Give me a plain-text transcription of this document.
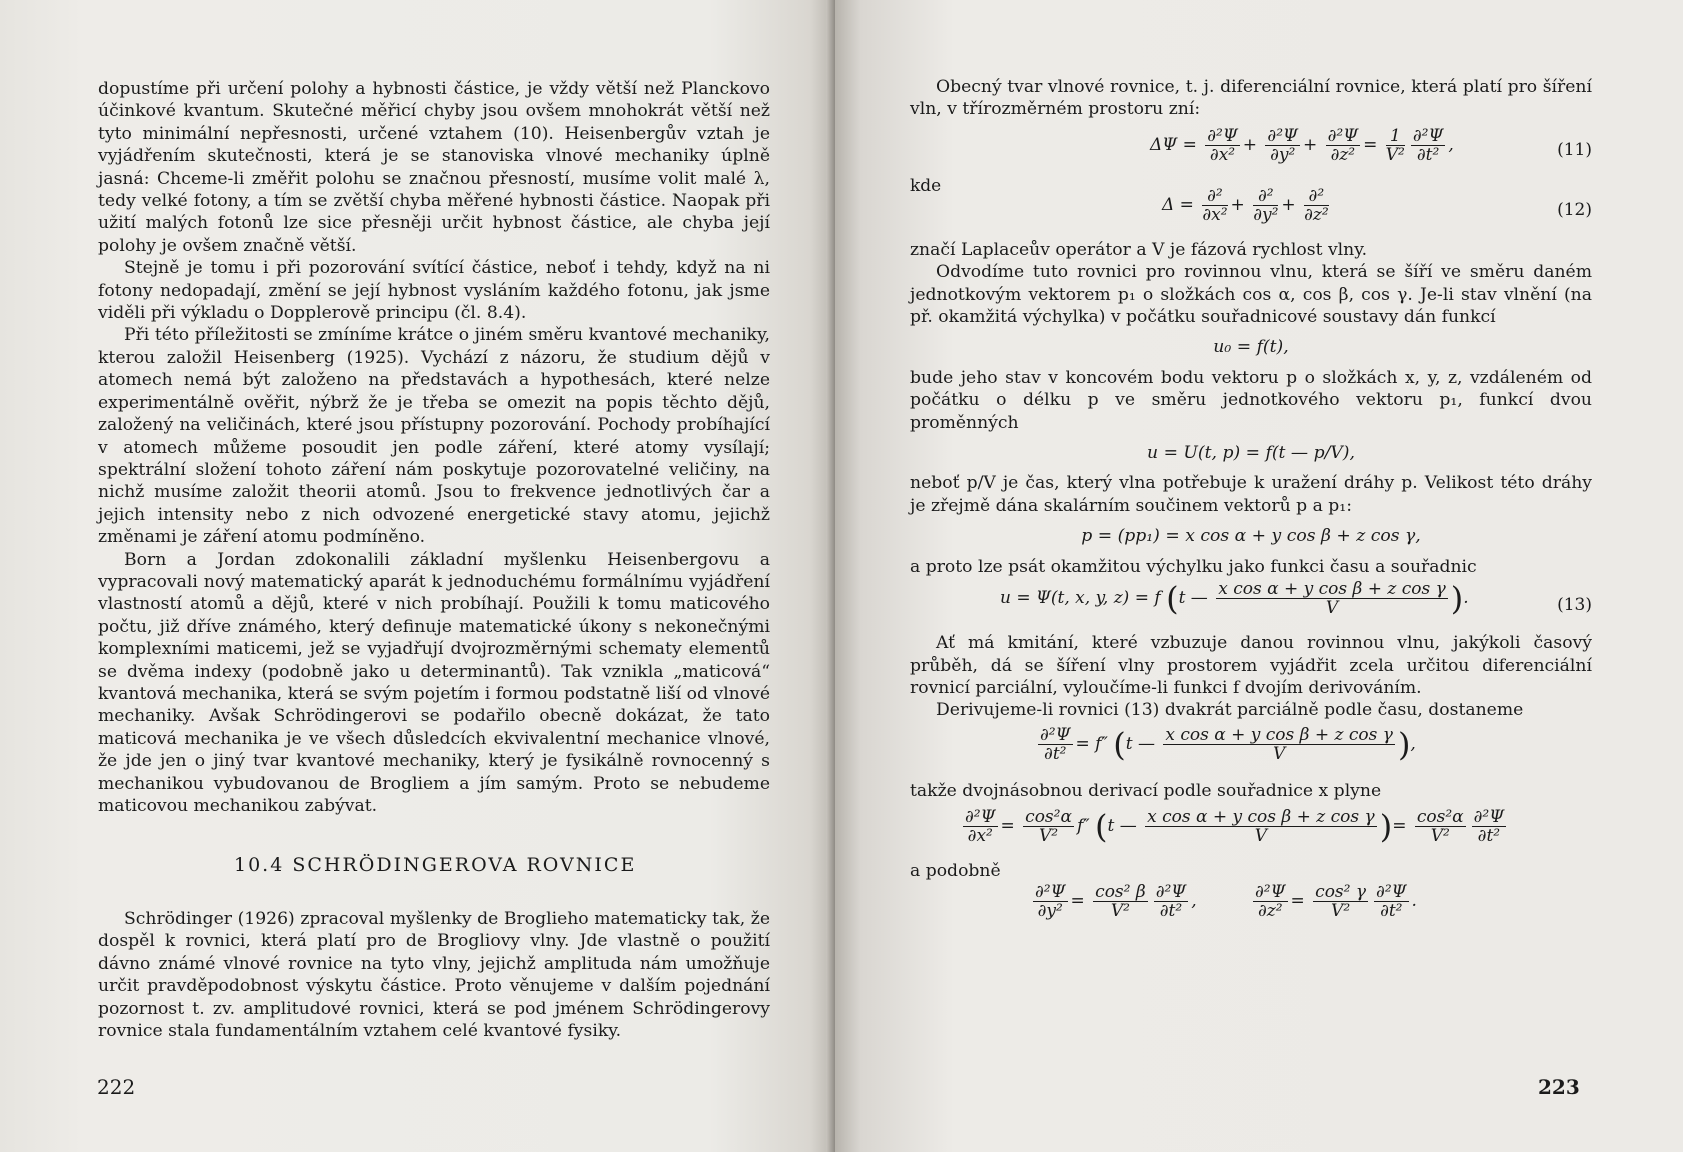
dopustíme při určení polohy a hybnosti částice, je vždy větší než Planckovo účinkové kvantum. Skutečné měřicí chyby jsou ovšem mnohokrát větší než tyto minimální nepřesnosti, určené vztahem (10). Heisenbergův vztah je vyjádřením skutečnosti, která je se stanoviska vlnové mechaniky úplně jasná: Chceme-li změřit polohu se značnou přesností, musíme volit malé λ, tedy velké fotony, a tím se zvětší chyba měřené hybnosti částice. Naopak při užití malých fotonů lze sice přesněji určit hybnost částice, ale chyba její polohy je ovšem značně větší.

Stejně je tomu i při pozorování svítící částice, neboť i tehdy, když na ni fotony nedopadají, změní se její hybnost vysláním každého fotonu, jak jsme viděli při výkladu o Dopplerově principu (čl. 8.4).

Při této příležitosti se zmíníme krátce o jiném směru kvantové mechaniky, kterou založil Heisenberg (1925). Vychází z názoru, že studium dějů v atomech nemá být založeno na představách a hypothesách, které nelze experimentálně ověřit, nýbrž že je třeba se omezit na popis těchto dějů, založený na veličinách, které jsou přístupny pozorování. Pochody probíhající v atomech můžeme posoudit jen podle záření, které atomy vysílají; spektrální složení tohoto záření nám poskytuje pozorovatelné veličiny, na nichž musíme založit theorii atomů. Jsou to frekvence jednotlivých čar a jejich intensity nebo z nich odvozené energetické stavy atomu, jejichž změnami je záření atomu podmíněno.

Born a Jordan zdokonalili základní myšlenku Heisenbergovu a vypracovali nový matematický aparát k jednoduchému formálnímu vyjádření vlastností atomů a dějů, které v nich probíhají. Použili k tomu maticového počtu, již dříve známého, který definuje matematické úkony s nekonečnými komplexními maticemi, jež se vyjadřují dvojrozměrnými schematy elementů se dvěma indexy (podobně jako u determinantů). Tak vznikla „maticová“ kvantová mechanika, která se svým pojetím i formou podstatně liší od vlnové mechaniky. Avšak Schrödingerovi se podařilo obecně dokázat, že tato maticová mechanika je ve všech důsledcích ekvivalentní mechanice vlnové, že jde jen o jiný tvar kvantové mechaniky, který je fysikálně rovnocenný s mechanikou vybudovanou de Brogliem a jím samým. Proto se nebudeme maticovou mechanikou zabývat.

10.4 SCHRÖDINGEROVA ROVNICE

Schrödinger (1926) zpracoval myšlenky de Broglieho matematicky tak, že dospěl k rovnici, která platí pro de Brogliovy vlny. Jde vlastně o použití dávno známé vlnové rovnice na tyto vlny, jejichž amplituda nám umožňuje určit pravděpodobnost výskytu částice. Proto věnujeme v dalším pojednání pozornost t. zv. amplitudové rovnici, která se pod jménem Schrödingerovy rovnice stala fundamentálním vztahem celé kvantové fysiky.

222

Obecný tvar vlnové rovnice, t. j. diferenciální rovnice, která platí pro šíření vln, v třírozměrném prostoru zní:

$\Delta\Psi = \frac{\text{∂²Ψ}}{\text{∂x²}} + \frac{\text{∂²Ψ}}{\text{∂y²}} + \frac{\text{∂²Ψ}}{\text{∂z²}} = \frac{1}{\text{V²}} \frac{\text{∂²Ψ}}{\text{∂t²}}$ ,	(11)
kde
$\Delta = \frac{\text{∂²}}{\text{∂x²}} + \frac{\text{∂²}}{\text{∂y²}} + \frac{\text{∂²}}{\text{∂z²}}$	(12)

značí Laplaceův operátor a V je fázová rychlost vlny.

Odvodíme tuto rovnici pro rovinnou vlnu, která se šíří ve směru daném jednotkovým vektorem p₁ o složkách cos α, cos β, cos γ. Je-li stav vlnění (na př. okamžitá výchylka) v počátku souřadnicové soustavy dán funkcí

u₀ = f(t),

bude jeho stav v koncovém bodu vektoru p o složkách x, y, z, vzdáleném od počátku o délku p ve směru jednotkového vektoru p₁, funkcí dvou proměnných

u = U(t, p) = f(t — p/V),

neboť p/V je čas, který vlna potřebuje k uražení dráhy p. Velikost této dráhy je zřejmě dána skalárním součinem vektorů p a p₁:

p = (pp₁) = x cos α + y cos β + z cos γ,

a proto lze psát okamžitou výchylku jako funkci času a souřadnic

u = Ψ(t, x, y, z) = f (t — $\frac{\text{x cos α + y cos β + z cos γ}}{V}$ ).	(13)

Ať má kmitání, které vzbuzuje danou rovinnou vlnu, jakýkoli časový průběh, dá se šíření vlny prostorem vyjádřit zcela určitou diferenciální rovnicí parciální, vyloučíme-li funkci f dvojím derivováním.

Derivujeme-li rovnici (13) dvakrát parciálně podle času, dostaneme

$\frac{\text{∂²Ψ}}{\text{∂t²}} = f''$ (t — $\frac{\text{x cos α + y cos β + z cos γ}}{V}$ ),

takže dvojnásobnou derivací podle souřadnice x plyne

$\frac{\text{∂²Ψ}}{\text{∂x²}} = \frac{\text{cos²α}}{\text{V²}} f''$ (t — $\frac{\text{x cos α + y cos β + z cos γ}}{V}$ )= $\frac{\text{cos²α}}{\text{V²}} \frac{\text{∂²Ψ}}{\text{∂t²}}$

a podobně

$\frac{\text{∂²Ψ}}{\text{∂y²}} = \frac{\text{cos² β}}{\text{V²}} \frac{\text{∂²Ψ}}{\text{∂t²}}$ ,	$\frac{\text{∂²Ψ}}{\text{∂z²}} = \frac{\text{cos² γ}}{\text{V²}} \frac{\text{∂²Ψ}}{\text{∂t²}}$ .
223
